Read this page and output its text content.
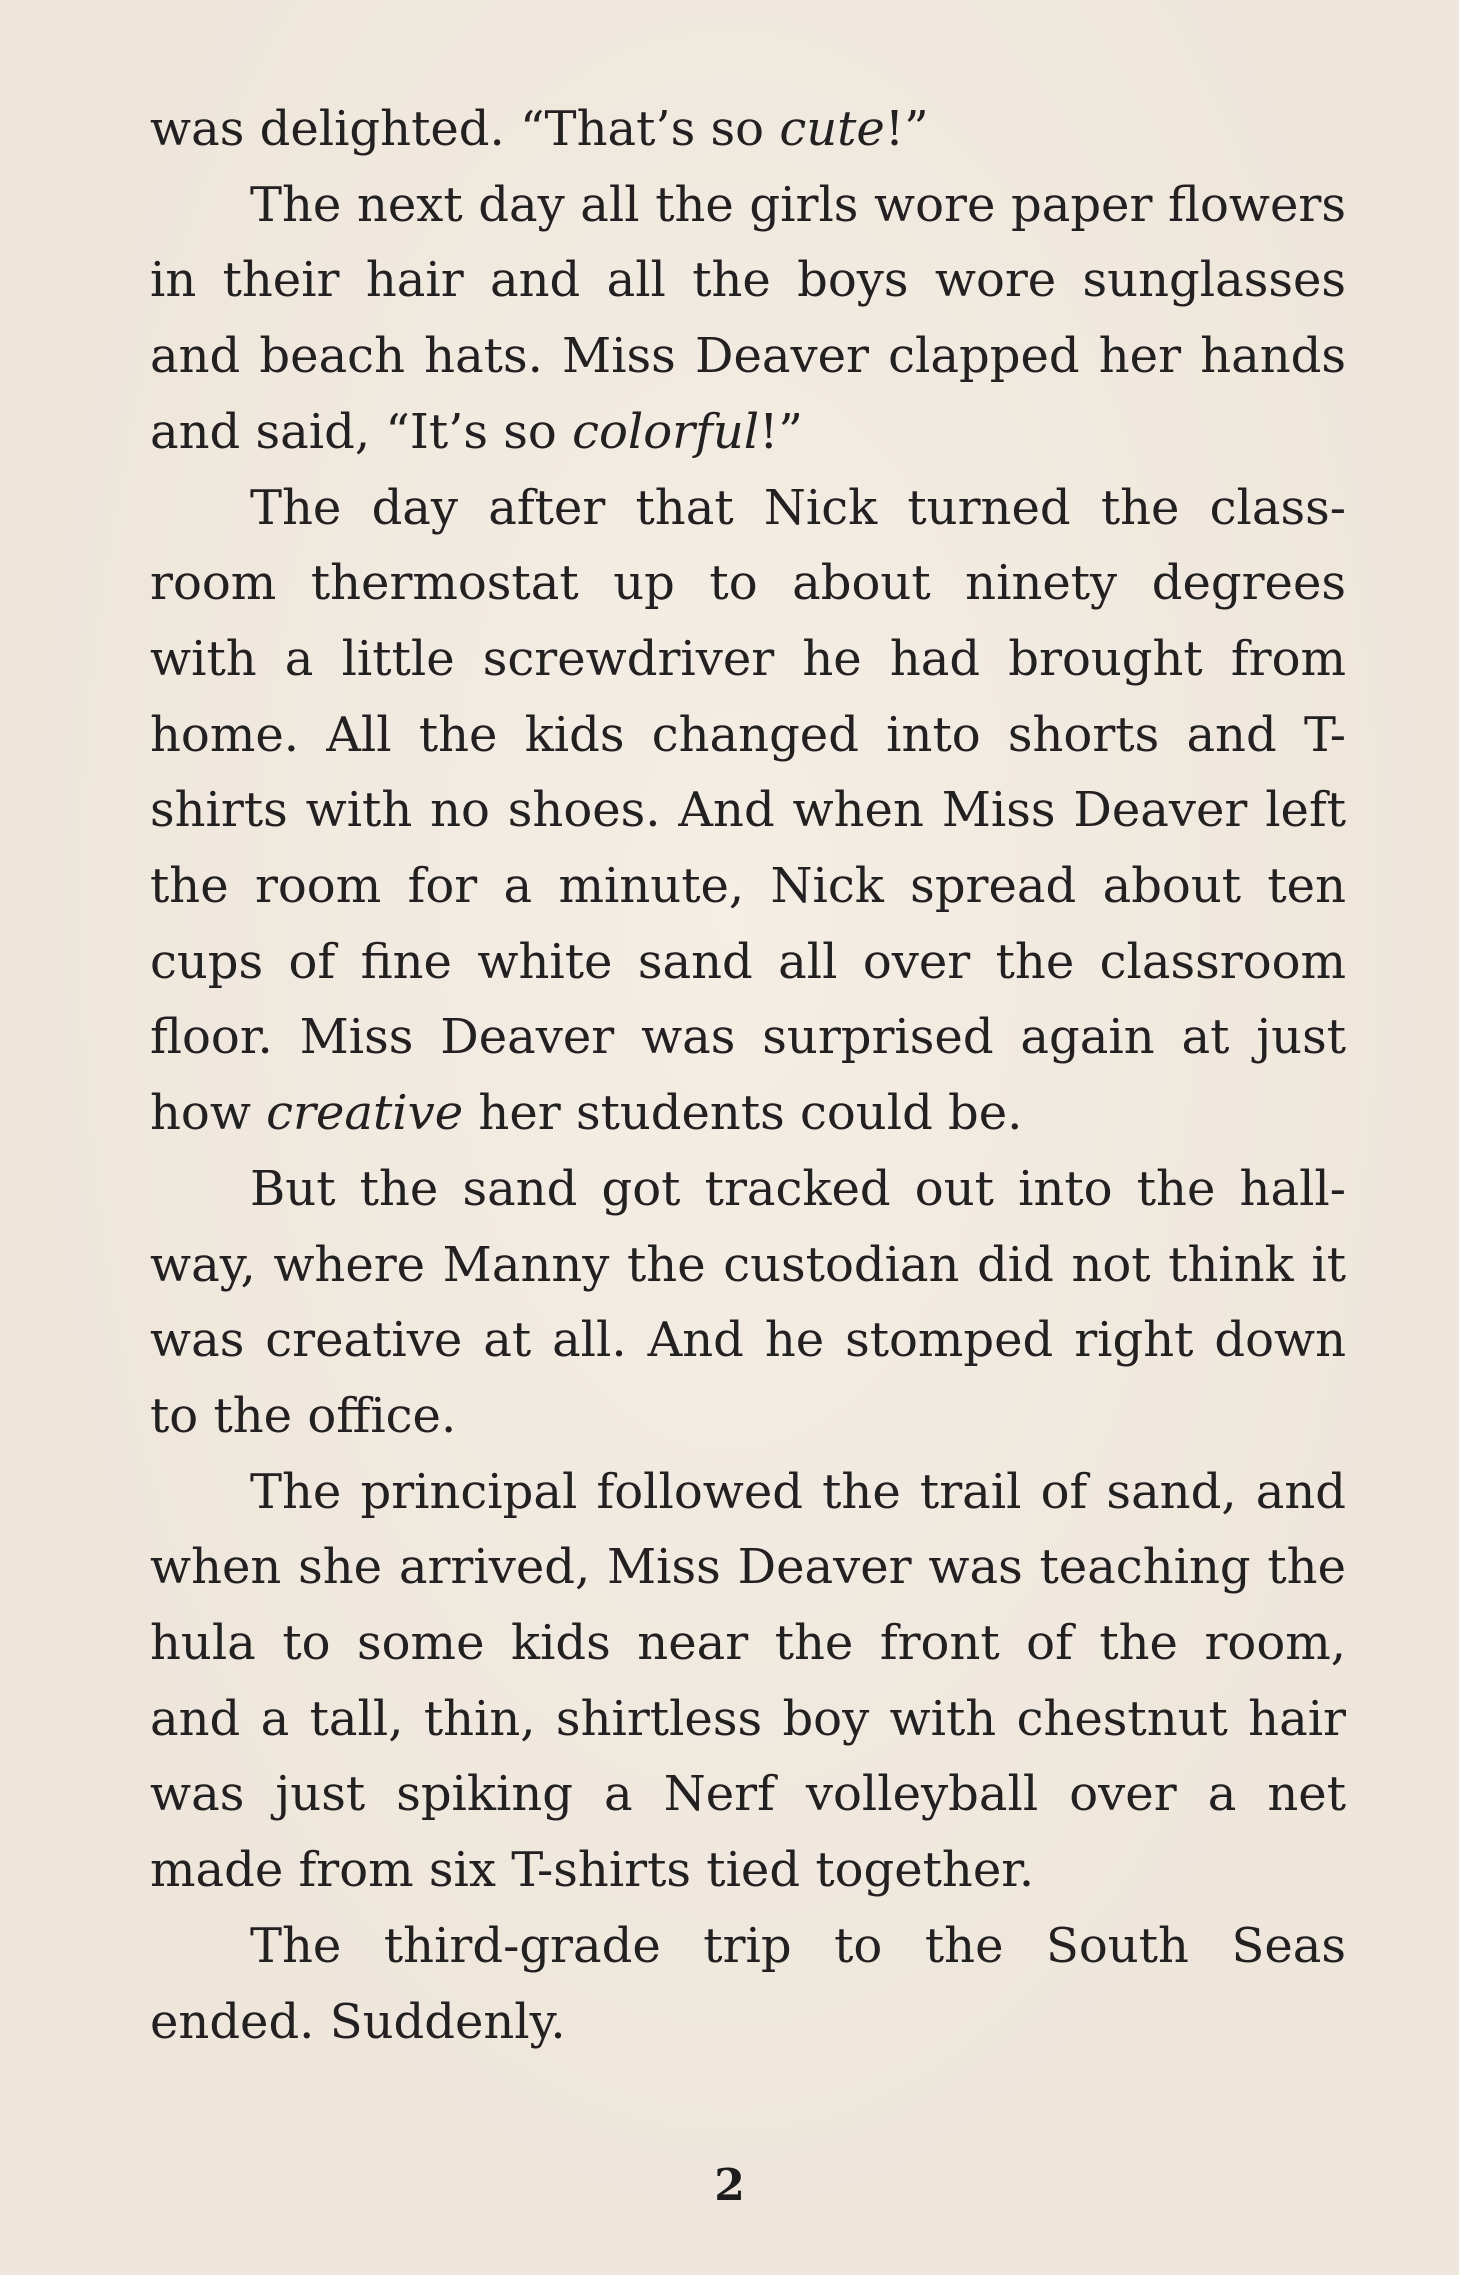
was delighted. “That’s so cute!”

The next day all the girls wore paper flowers in their hair and all the boys wore sunglasses and beach hats. Miss Deaver clapped her hands and said, “It’s so colorful!”

The day after that Nick turned the classroom thermostat up to about ninety degrees with a little screwdriver he had brought from home. All the kids changed into shorts and T-​shirts with no shoes. And when Miss Deaver left the room for a minute, Nick spread about ten cups of fine white sand all over the classroom floor. Miss Deaver was surprised again at just how creative her students could be.

But the sand got tracked out into the hallway, where Manny the custodian did not think it was creative at all. And he stomped right down to the office.

The principal followed the trail of sand, and when she arrived, Miss Deaver was teaching the hula to some kids near the front of the room, and a tall, thin, shirtless boy with chestnut hair was just spiking a Nerf volleyball over a net made from six T-shirts tied together.

The third-grade trip to the South Seas ended. Suddenly.

2
